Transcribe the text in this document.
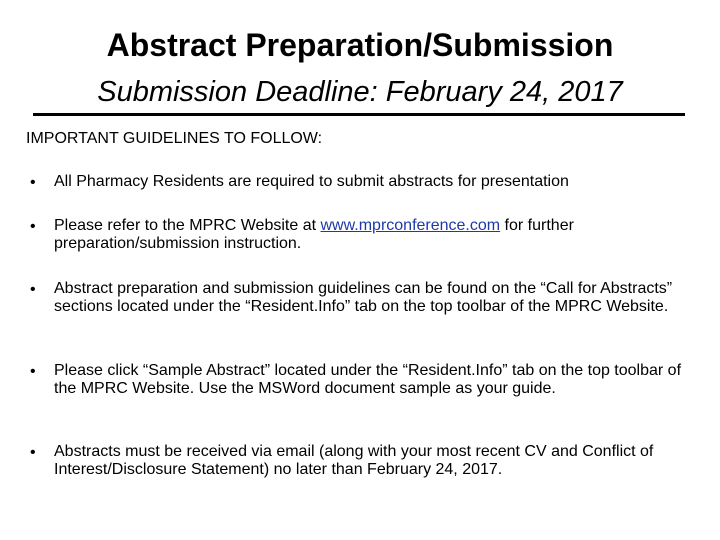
Abstract Preparation/Submission
Submission Deadline: February 24, 2017
IMPORTANT GUIDELINES TO FOLLOW:
• All Pharmacy Residents are required to submit abstracts for presentation
• Please refer to the MPRC Website at www.mprconference.com for further preparation/submission instruction.
• Abstract preparation and submission guidelines can be found on the “Call for Abstracts” sections located under the “Resident.Info” tab on the top toolbar of the MPRC Website.
• Please click “Sample Abstract” located under the “Resident.Info” tab on the top toolbar of the MPRC Website. Use the MSWord document sample as your guide.
• Abstracts must be received via email (along with your most recent CV and Conflict of Interest/Disclosure Statement) no later than February 24, 2017.
